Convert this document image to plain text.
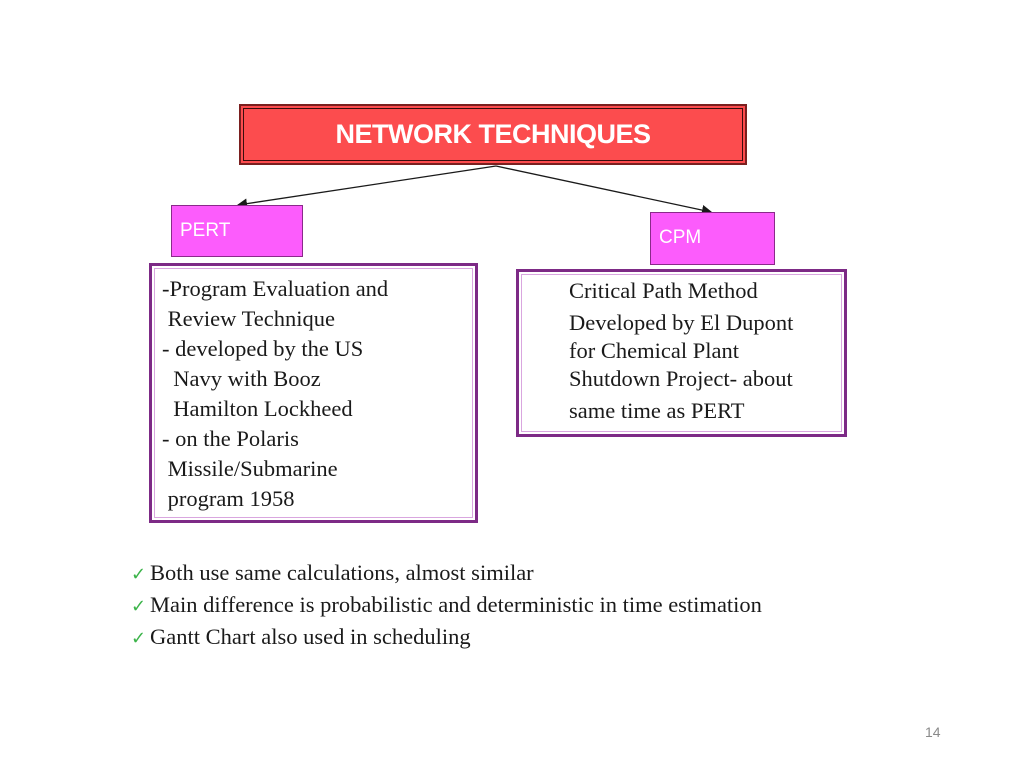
NETWORK TECHNIQUES
PERT	CPM
-Program Evaluation and
Review Technique
- developed by the US
Navy with Booz
Hamilton Lockheed
- on the Polaris
Missile/Submarine
program 1958
Critical Path Method
Developed by El Dupont
for Chemical Plant
Shutdown Project- about
same time as PERT
✓ Both use same calculations, almost similar
✓ Main difference is probabilistic and deterministic in time estimation
✓ Gantt Chart also used in scheduling
14
